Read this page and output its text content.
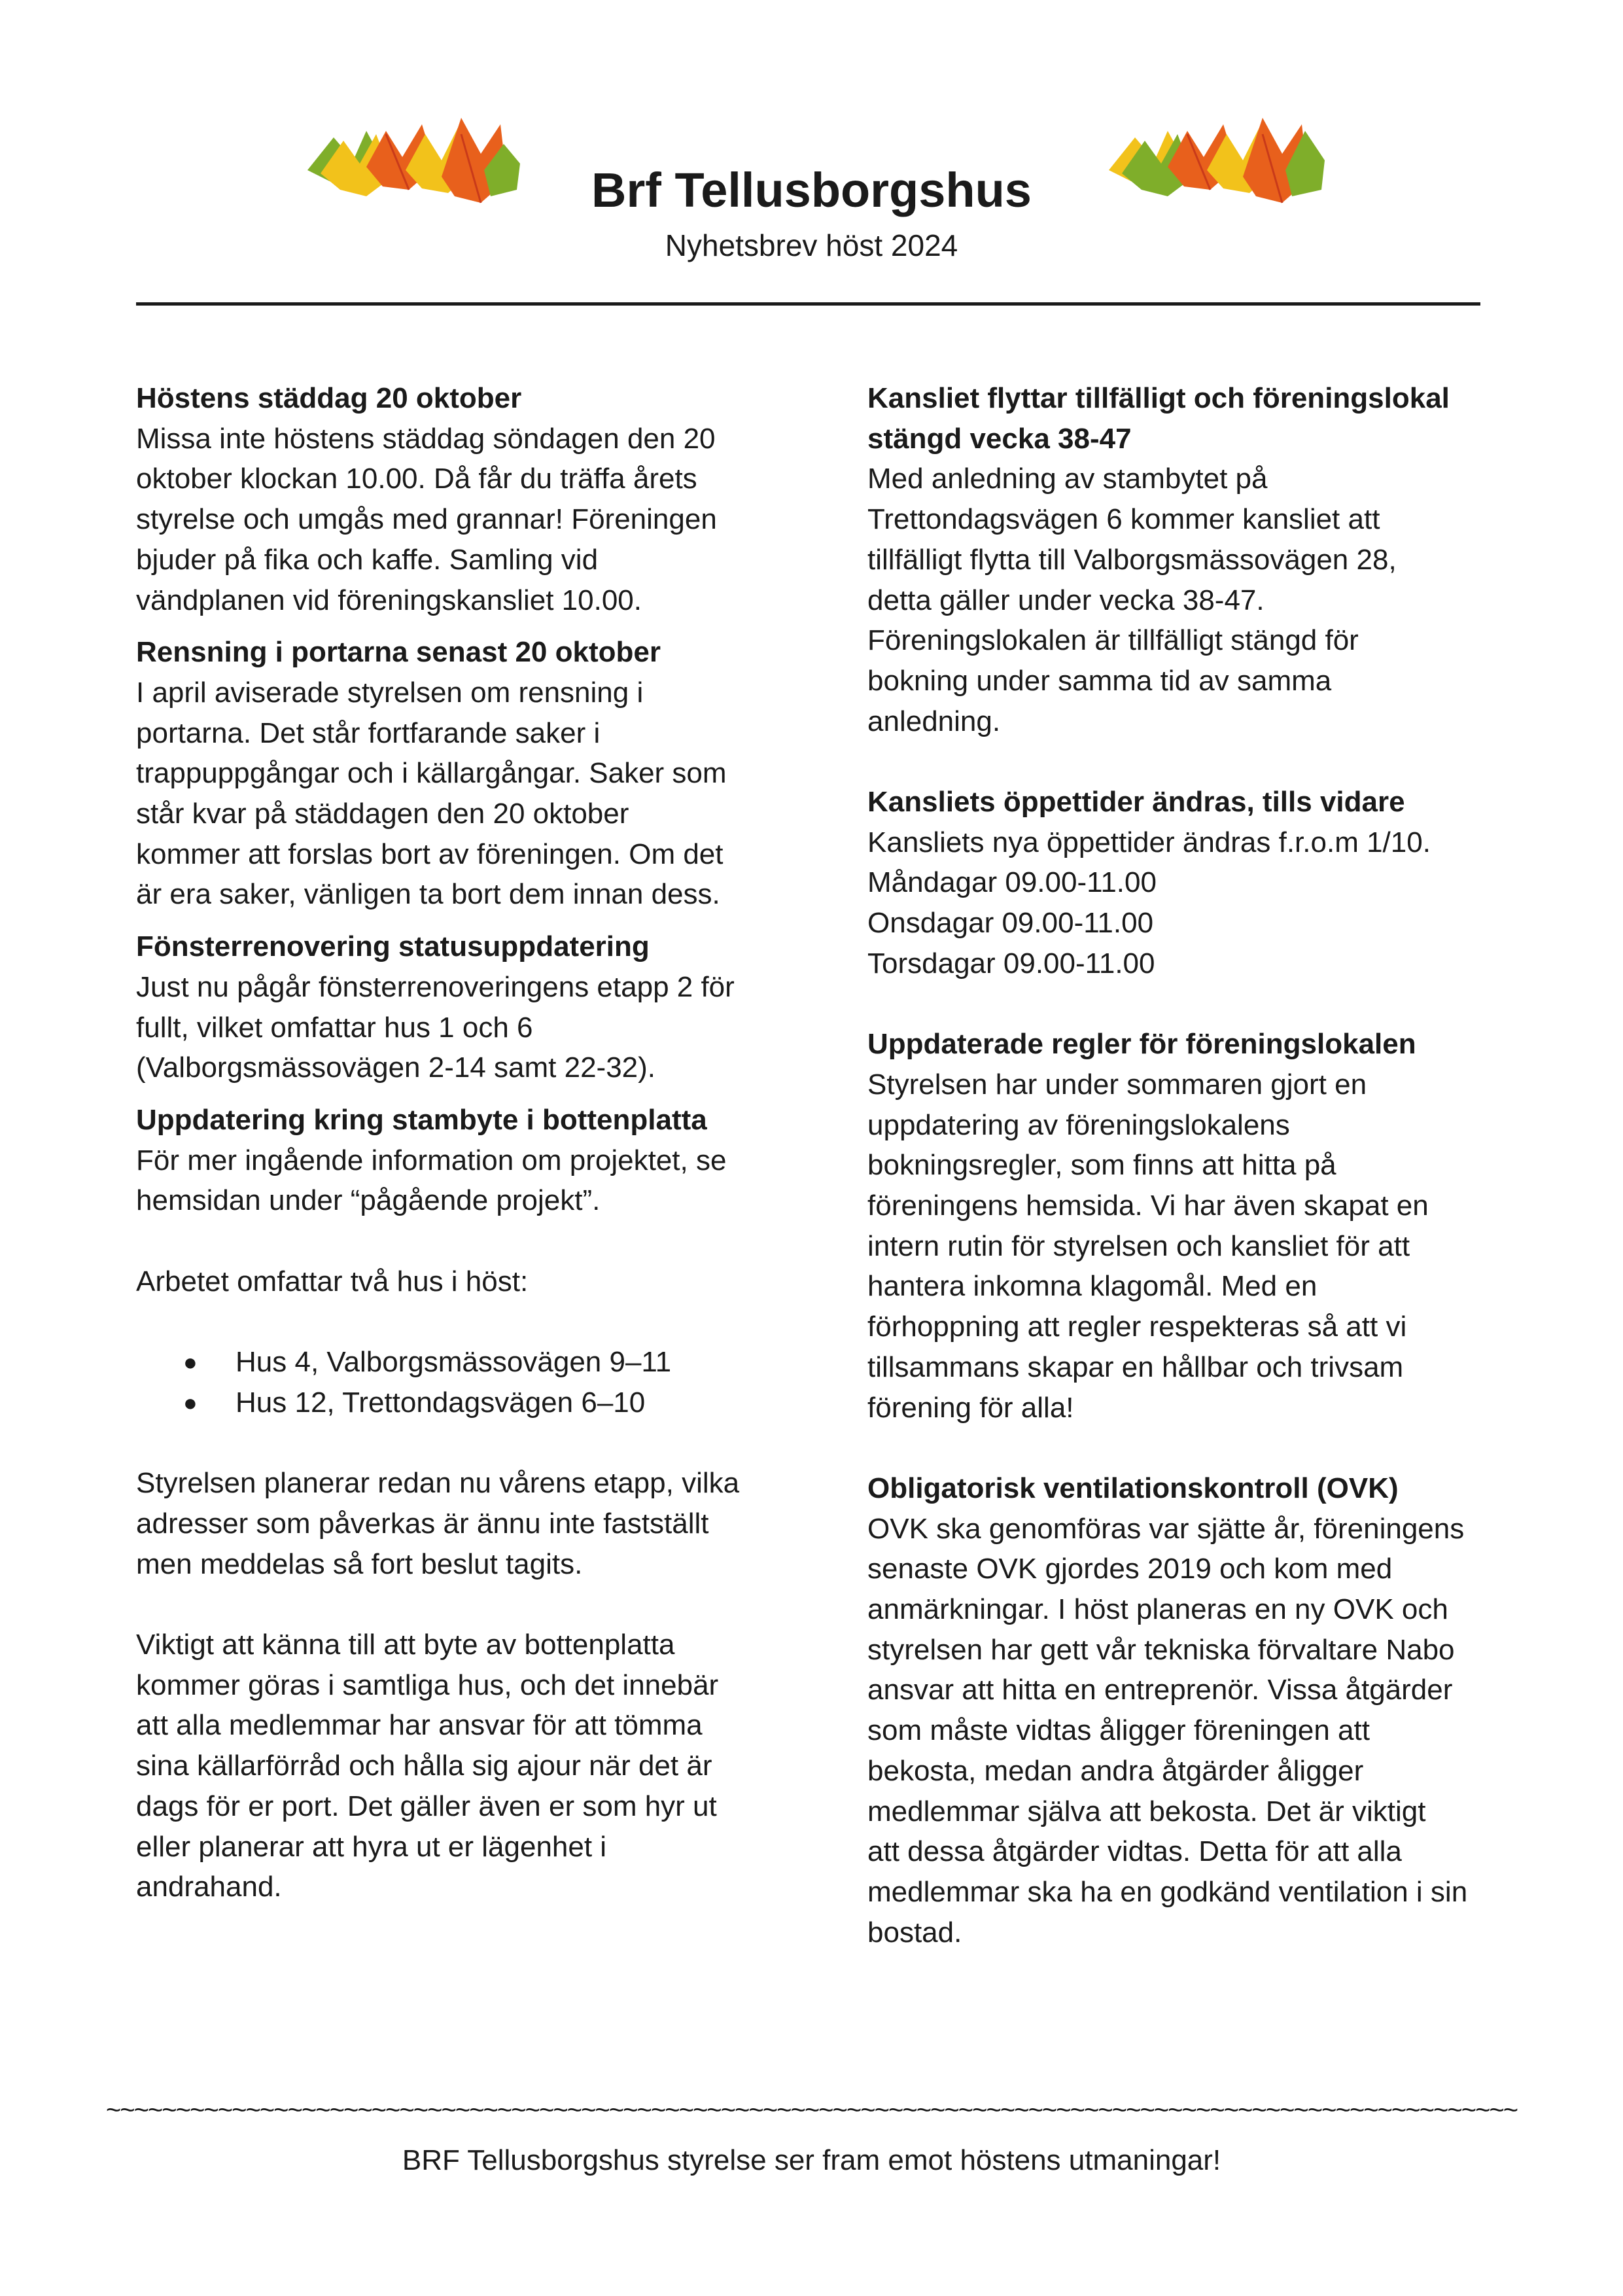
Brf Tellusborgshus
Nyhetsbrev höst 2024
Höstens städdag 20 oktober

Missa inte höstens städdag söndagen den 20
oktober klockan 10.00. Då får du träffa årets
styrelse och umgås med grannar! Föreningen
bjuder på fika och kaffe. Samling vid
vändplanen vid föreningskansliet 10.00.

Rensning i portarna senast 20 oktober

I april aviserade styrelsen om rensning i
portarna. Det står fortfarande saker i
trappuppgångar och i källargångar. Saker som
står kvar på städdagen den 20 oktober
kommer att forslas bort av föreningen. Om det
är era saker, vänligen ta bort dem innan dess.

Fönsterrenovering statusuppdatering

Just nu pågår fönsterrenoveringens etapp 2 för
fullt, vilket omfattar hus 1 och 6
(Valborgsmässovägen 2-14 samt 22-32).

Uppdatering kring stambyte i bottenplatta

För mer ingående information om projektet, se
hemsidan under “pågående projekt”.

Arbetet omfattar två hus i höst:

● Hus 4, Valborgsmässovägen 9–11
● Hus 12, Trettondagsvägen 6–10

Styrelsen planerar redan nu vårens etapp, vilka
adresser som påverkas är ännu inte fastställt
men meddelas så fort beslut tagits.

Viktigt att känna till att byte av bottenplatta
kommer göras i samtliga hus, och det innebär
att alla medlemmar har ansvar för att tömma
sina källarförråd och hålla sig ajour när det är
dags för er port. Det gäller även er som hyr ut
eller planerar att hyra ut er lägenhet i
andrahand.

Kansliet flyttar tillfälligt och föreningslokal
stängd vecka 38-47

Med anledning av stambytet på
Trettondagsvägen 6 kommer kansliet att
tillfälligt flytta till Valborgsmässovägen 28,
detta gäller under vecka 38-47.
Föreningslokalen är tillfälligt stängd för
bokning under samma tid av samma
anledning.

Kansliets öppettider ändras, tills vidare

Kansliets nya öppettider ändras f.r.o.m 1/10.
Måndagar 09.00-11.00
Onsdagar 09.00-11.00
Torsdagar 09.00-11.00

Uppdaterade regler för föreningslokalen

Styrelsen har under sommaren gjort en
uppdatering av föreningslokalens
bokningsregler, som finns att hitta på
föreningens hemsida. Vi har även skapat en
intern rutin för styrelsen och kansliet för att
hantera inkomna klagomål. Med en
förhoppning att regler respekteras så att vi
tillsammans skapar en hållbar och trivsam
förening för alla!

Obligatorisk ventilationskontroll (OVK)

OVK ska genomföras var sjätte år, föreningens
senaste OVK gjordes 2019 och kom med
anmärkningar. I höst planeras en ny OVK och
styrelsen har gett vår tekniska förvaltare Nabo
ansvar att hitta en entreprenör. Vissa åtgärder
som måste vidtas åligger föreningen att
bekosta, medan andra åtgärder åligger
medlemmar själva att bekosta. Det är viktigt
att dessa åtgärder vidtas. Detta för att alla
medlemmar ska ha en godkänd ventilation i sin
bostad.

~~~~~~~~~~~~~~~~~~~~~~~~~~~~~~~~~~~~~~~~~~~~~~~~~~~~~~~~~~~~~~~~~~~~~~~~~~~~~~~~~~~~~~~~~~~~~~~~~~~~~
BRF Tellusborgshus styrelse ser fram emot höstens utmaningar!
